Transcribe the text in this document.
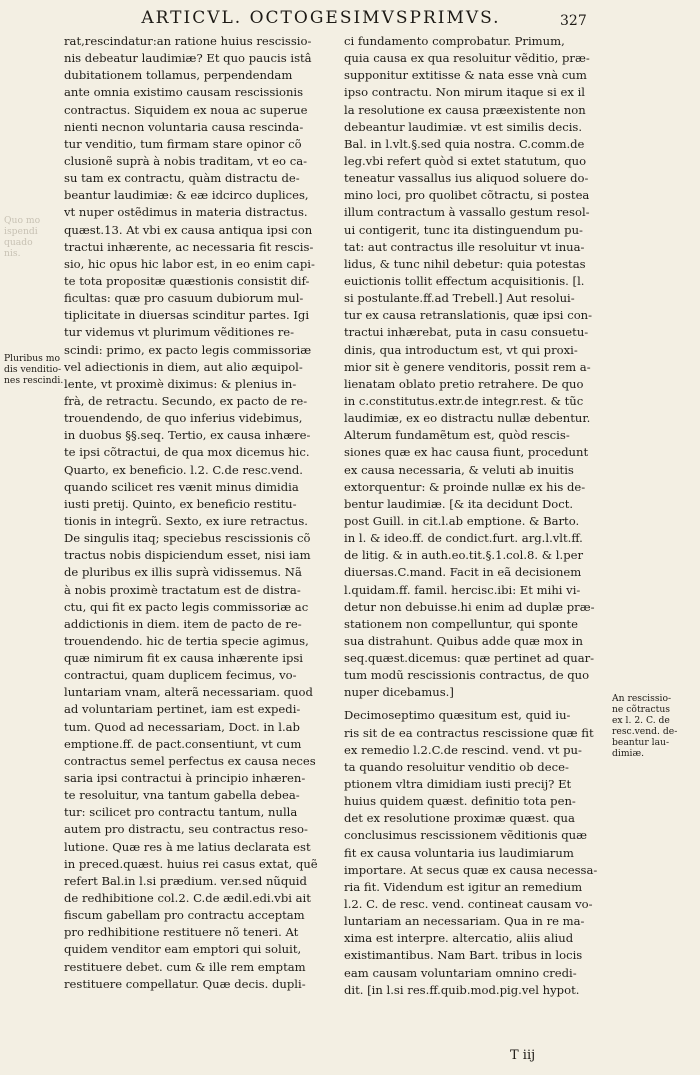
ARTICVL. OCTOGESIMVSPRIMVS.	327
rat,rescindatur:an ratione huius rescissio-
nis debeatur laudimiæ? Et quo paucis istâ
dubitationem tollamus, perpendendam
ante omnia existimo causam rescissionis
contractus. Siquidem ex noua ac superue
nienti necnon voluntaria causa rescinda-
tur venditio, tum firmam stare opinor cõ
clusionẽ suprà à nobis traditam, vt eo ca-
su tam ex contractu, quàm distractu de-
beantur laudimiæ: & eæ idcirco duplices,
vt nuper ostẽdimus in materia distractus.
quæst.13. At vbi ex causa antiqua ipsi con
tractui inhærente, ac necessaria fit rescis-
sio, hic opus hic labor est, in eo enim capi-
te tota propositæ quæstionis consistit dif-
ficultas: quæ pro casuum dubiorum mul-
tiplicitate in diuersas scinditur partes. Igi
tur videmus vt plurimum vẽditiones re-
scindi: primo, ex pacto legis commissoriæ
vel adiectionis in diem, aut alio æquipol-
lente, vt proximè diximus: & plenius in-
frà, de retractu. Secundo, ex pacto de re-
trouendendo, de quo inferius videbimus,
in duobus §§.seq. Tertio, ex causa inhære-
te ipsi cõtractui, de qua mox dicemus hic.
Quarto, ex beneficio. l.2. C.de resc.vend.
quando scilicet res vænit minus dimidia
iusti pretij. Quinto, ex beneficio restitu-
tionis in integrũ. Sexto, ex iure retractus.
De singulis itaq; speciebus rescissionis cõ
tractus nobis dispiciendum esset, nisi iam
de pluribus ex illis suprà vidissemus. Nã
à nobis proximè tractatum est de distra-
ctu, qui fit ex pacto legis commissoriæ ac
addictionis in diem. item de pacto de re-
trouendendo. hic de tertia specie agimus,
quæ nimirum fit ex causa inhærente ipsi
contractui, quam duplicem fecimus, vo-
luntariam vnam, alterã necessariam. quod
ad voluntariam pertinet, iam est expedi-
tum. Quod ad necessariam, Doct. in l.ab
emptione.ff. de pact.consentiunt, vt cum
contractus semel perfectus ex causa neces
saria ipsi contractui à principio inhæren-
te resoluitur, vna tantum gabella debea-
tur: scilicet pro contractu tantum, nulla
autem pro distractu, seu contractus reso-
lutione. Quæ res à me latius declarata est
in preced.quæst. huius rei casus extat, quẽ
refert Bal.in l.si prædium. ver.sed nũquid
de redhibitione col.2. C.de ædil.edi.vbi ait
fiscum gabellam pro contractu acceptam
pro redhibitione restituere nõ teneri. At
quidem venditor eam emptori qui soluit,
restituere debet. cum & ille rem emptam
restituere compellatur. Quæ decis. dupli-
ci fundamento comprobatur. Primum,
quia causa ex qua resoluitur vẽditio, præ-
supponitur extitisse & nata esse vnà cum
ipso contractu. Non mirum itaque si ex il
la resolutione ex causa præexistente non
debeantur laudimiæ. vt est similis decis.
Bal. in l.vlt.§.sed quia nostra. C.comm.de
leg.vbi refert quòd si extet statutum, quo
teneatur vassallus ius aliquod soluere do-
mino loci, pro quolibet cõtractu, si postea
illum contractum à vassallo gestum resol-
ui contigerit, tunc ita distinguendum pu-
tat: aut contractus ille resoluitur vt inua-
lidus, & tunc nihil debetur: quia potestas
euictionis tollit effectum acquisitionis. [l.
si postulante.ff.ad Trebell.] Aut resolui-
tur ex causa retranslationis, quæ ipsi con-
tractui inhærebat, puta in casu consuetu-
dinis, qua introductum est, vt qui proxi-
mior sit è genere venditoris, possit rem a-
lienatam oblato pretio retrahere. De quo
in c.constitutus.extr.de integr.rest. & tũc
laudimiæ, ex eo distractu nullæ debentur.
Alterum fundamẽtum est, quòd rescis-
siones quæ ex hac causa fiunt, procedunt
ex causa necessaria, & veluti ab inuitis
extorquentur: & proinde nullæ ex his de-
bentur laudimiæ. [& ita decidunt Doct.
post Guill. in cit.l.ab emptione. & Barto.
in l. & ideo.ff. de condict.furt. arg.l.vlt.ff.
de litig. & in auth.eo.tit.§.1.col.8. & l.per
diuersas.C.mand. Facit in eã decisionem
l.quidam.ff. famil. hercisc.ibi: Et mihi vi-
detur non debuisse.hi enim ad duplæ præ-
stationem non compelluntur, qui sponte
sua distrahunt. Quibus adde quæ mox in
seq.quæst.dicemus: quæ pertinet ad quar-
tum modũ rescissionis contractus, de quo
nuper dicebamus.]
Decimoseptimo quæsitum est, quid iu-
ris sit de ea contractus rescissione quæ fit
ex remedio l.2.C.de rescind. vend. vt pu-
ta quando resoluitur venditio ob dece-
ptionem vltra dimidiam iusti precij? Et
huius quidem quæst. definitio tota pen-
det ex resolutione proximæ quæst. qua
conclusimus rescissionem vẽditionis quæ
fit ex causa voluntaria ius laudimiarum
importare. At secus quæ ex causa necessa-
ria fit. Videndum est igitur an remedium
l.2. C. de resc. vend. contineat causam vo-
luntariam an necessariam. Qua in re ma-
xima est interpre. altercatio, aliis aliud
existimantibus. Nam Bart. tribus in locis
eam causam voluntariam omnino credi-
dit. [in l.si res.ff.quib.mod.pig.vel hypot.
Quo mo
ispendi
quado
nis.
Pluribus mo
dis venditio-
nes rescindi.
An rescissio-
ne cõtractus
ex l. 2. C. de
resc.vend. de-
beantur lau-
dimiæ.
T iij
